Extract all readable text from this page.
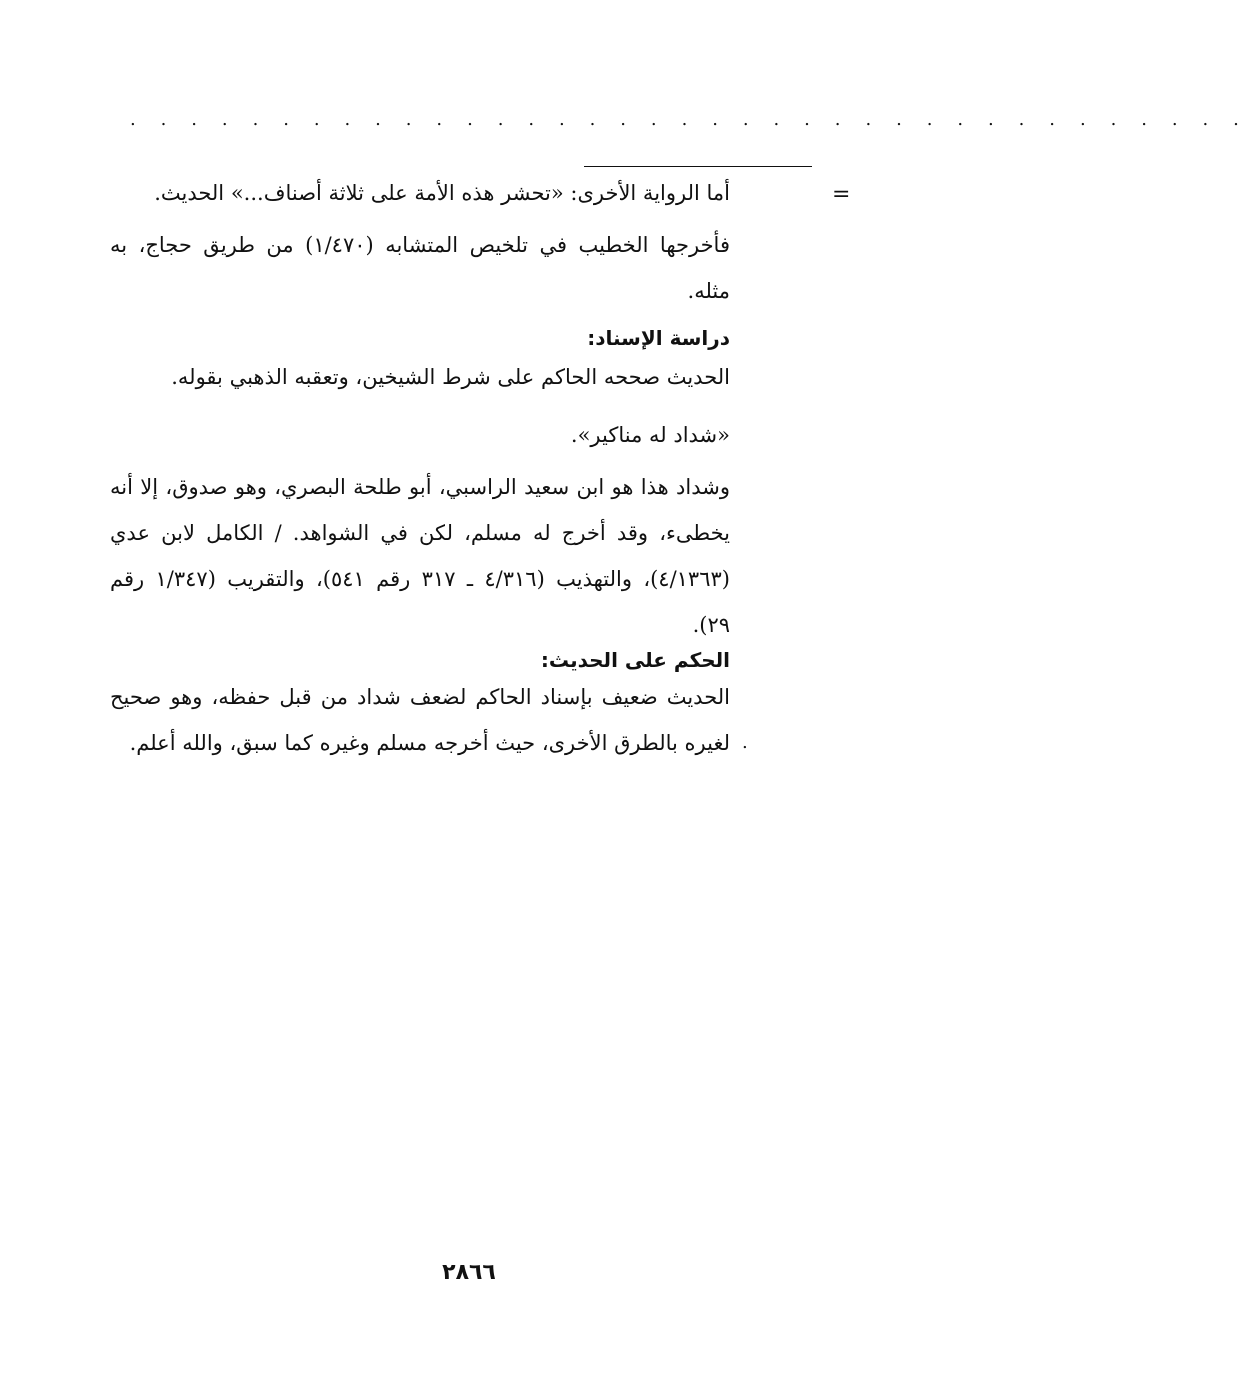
. . . . . . . . . . . . . . . . . . . . . . . . . . . . . . . . . . . . .
=

أما الرواية الأخرى: «تحشر هذه الأمة على ثلاثة أصناف...» الحديث.

فأخرجها الخطيب في تلخيص المتشابه (١/٤٧٠) من طريق حجاج، به مثله.

دراسة الإسناد:

الحديث صححه الحاكم على شرط الشيخين، وتعقبه الذهبي بقوله.

«شداد له مناكير».

وشداد هذا هو ابن سعيد الراسبي، أبو طلحة البصري، وهو صدوق، إلا أنه يخطىء، وقد أخرج له مسلم، لكن في الشواهد. / الكامل لابن عدي (٤/١٣٦٣)، والتهذيب (٤/٣١٦ ـ ٣١٧ رقم ٥٤١)، والتقريب (١/٣٤٧ رقم ٢٩).

الحكم على الحديث:

الحديث ضعيف بإسناد الحاكم لضعف شداد من قبل حفظه، وهو صحيح لغيره بالطرق الأخرى، حيث أخرجه مسلم وغيره كما سبق، والله أعلم. .
٢٨٦٦
